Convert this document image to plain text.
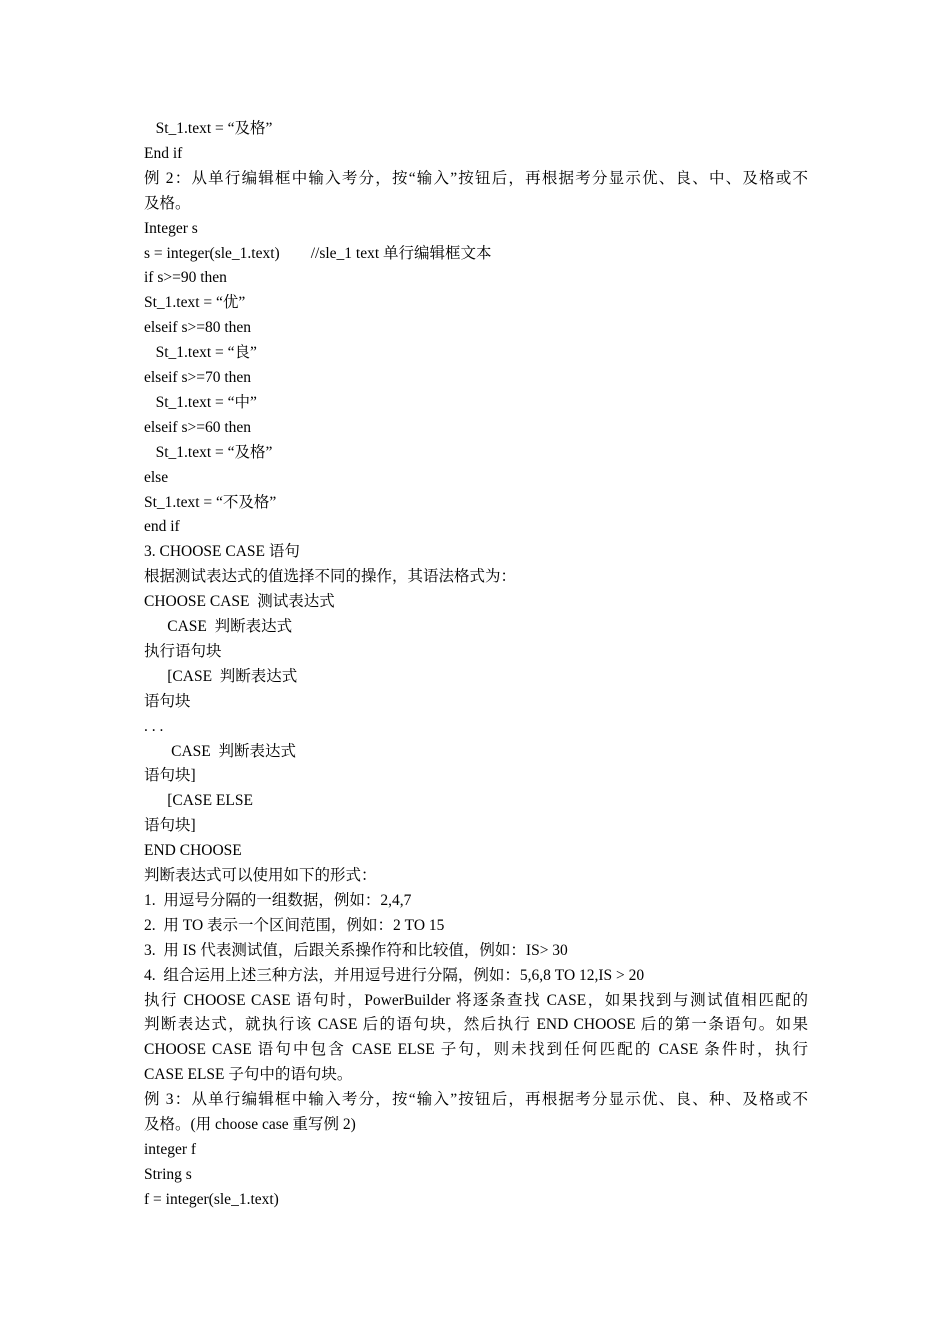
St_1.text = “及格”
End if
例 2：从单行编辑框中输入考分，按“输入”按钮后，再根据考分显示优、良、中、及格或不
及格。
Integer s
s = integer(sle_1.text)        //sle_1 text 单行编辑框文本
if s>=90 then
St_1.text = “优”
elseif s>=80 then
St_1.text = “良”
elseif s>=70 then
St_1.text = “中”
elseif s>=60 then
St_1.text = “及格”
else
St_1.text = “不及格”
end if
3. CHOOSE CASE 语句
根据测试表达式的值选择不同的操作，其语法格式为：
CHOOSE CASE  测试表达式
CASE  判断表达式
执行语句块
[CASE  判断表达式
语句块
. . .
CASE  判断表达式
语句块]
[CASE ELSE
语句块]
END CHOOSE
判断表达式可以使用如下的形式：
1.  用逗号分隔的一组数据，例如：2,4,7
2.  用 TO 表示一个区间范围，例如：2 TO 15
3.  用 IS 代表测试值，后跟关系操作符和比较值，例如：IS> 30
4.  组合运用上述三种方法，并用逗号进行分隔，例如：5,6,8 TO 12,IS > 20
执行 CHOOSE CASE 语句时，PowerBuilder 将逐条查找 CASE，如果找到与测试值相匹配的
判断表达式，就执行该 CASE 后的语句块，然后执行 END CHOOSE 后的第一条语句。如果
CHOOSE CASE 语句中包含 CASE ELSE 子句，则未找到任何匹配的 CASE 条件时，执行
CASE ELSE 子句中的语句块。
例 3：从单行编辑框中输入考分，按“输入”按钮后，再根据考分显示优、良、种、及格或不
及格。(用 choose case 重写例 2)
integer f
String s
f = integer(sle_1.text)
